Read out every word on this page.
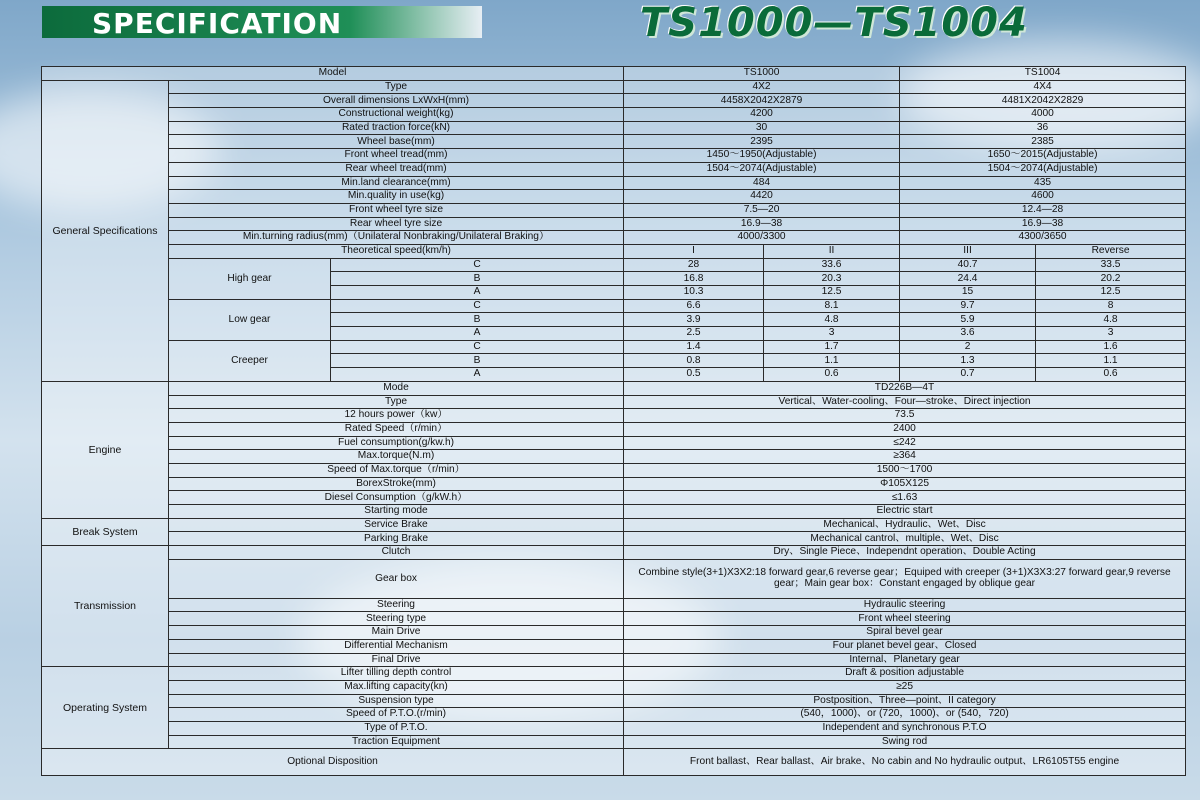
SPECIFICATION	TS1000—TS1004
Model			TS1000		TS1004	
General Specifications	Type		4X2		4X4	
	Overall dimensions LxWxH(mm)		4458X2042X2879		4481X2042X2829	
	Constructional weight(kg)		4200		4000	
	Rated traction force(kN)		30		36	
	Wheel base(mm)		2395		2385	
	Front wheel tread(mm)		1450～1950(Adjustable)		1650～2015(Adjustable)	
	Rear wheel tread(mm)		1504～2074(Adjustable)		1504～2074(Adjustable)	
	Min.land clearance(mm)		484		435	
	Min.quality in use(kg)		4420		4600	
	Front wheel tyre size		7.5—20		12.4—28	
	Rear wheel tyre size		16.9—38		16.9—38	
	Min.turning radius(mm)（Unilateral Nonbraking/Unilateral Braking）		4000/3300		4300/3650	
	Theoretical speed(km/h)		I	II	III	Reverse
	High gear	C	28	33.6	40.7	33.5
		B	16.8	20.3	24.4	20.2
		A	10.3	12.5	15	12.5
	Low gear	C	6.6	8.1	9.7	8
		B	3.9	4.8	5.9	4.8
		A	2.5	3	3.6	3
	Creeper	C	1.4	1.7	2	1.6
		B	0.8	1.1	1.3	1.1
		A	0.5	0.6	0.7	0.6
Engine	Mode		TD226B—4T			
	Type		Vertical、Water-cooling、Four—stroke、Direct injection			
	12 hours power（kw）		73.5			
	Rated Speed（r/min）		2400			
	Fuel consumption(g/kw.h)		≤242			
	Max.torque(N.m)		≥364			
	Speed of Max.torque（r/min）		1500～1700			
	BorexStroke(mm)		Φ105X125			
	Diesel Consumption（g/kW.h）		≤1.63			
	Starting mode		Electric start			
Break System	Service Brake		Mechanical、Hydraulic、Wet、Disc			
	Parking Brake		Mechanical cantrol、multiple、Wet、Disc			
Transmission	Clutch		Dry、Single Piece、Independnt operation、Double Acting			
	Gear box		Combine style(3+1)X3X2:18 forward gear,6 reverse gear；Equiped with creeper (3+1)X3X3:27 forward gear,9 reverse gear；Main gear box：Constant engaged by oblique gear			
	Steering		Hydraulic steering			
	Steering type		Front wheel steering			
	Main Drive		Spiral bevel gear			
	Differential Mechanism		Four planet bevel gear、Closed			
	Final Drive		Internal、Planetary gear			
Operating System	Lifter tilling depth control		Draft & position adjustable			
	Max.lifting capacity(kn)		≥25			
	Suspension type		Postposition、Three—point、II category			
	Speed of P.T.O.(r/min)		(540，1000)、or (720，1000)、or (540，720)			
	Type of P.T.O.		Independent and synchronous P.T.O			
	Traction Equipment		Swing rod			
Optional Disposition			Front ballast、Rear ballast、Air brake、No cabin and No hydraulic output、LR6105T55 engine			
